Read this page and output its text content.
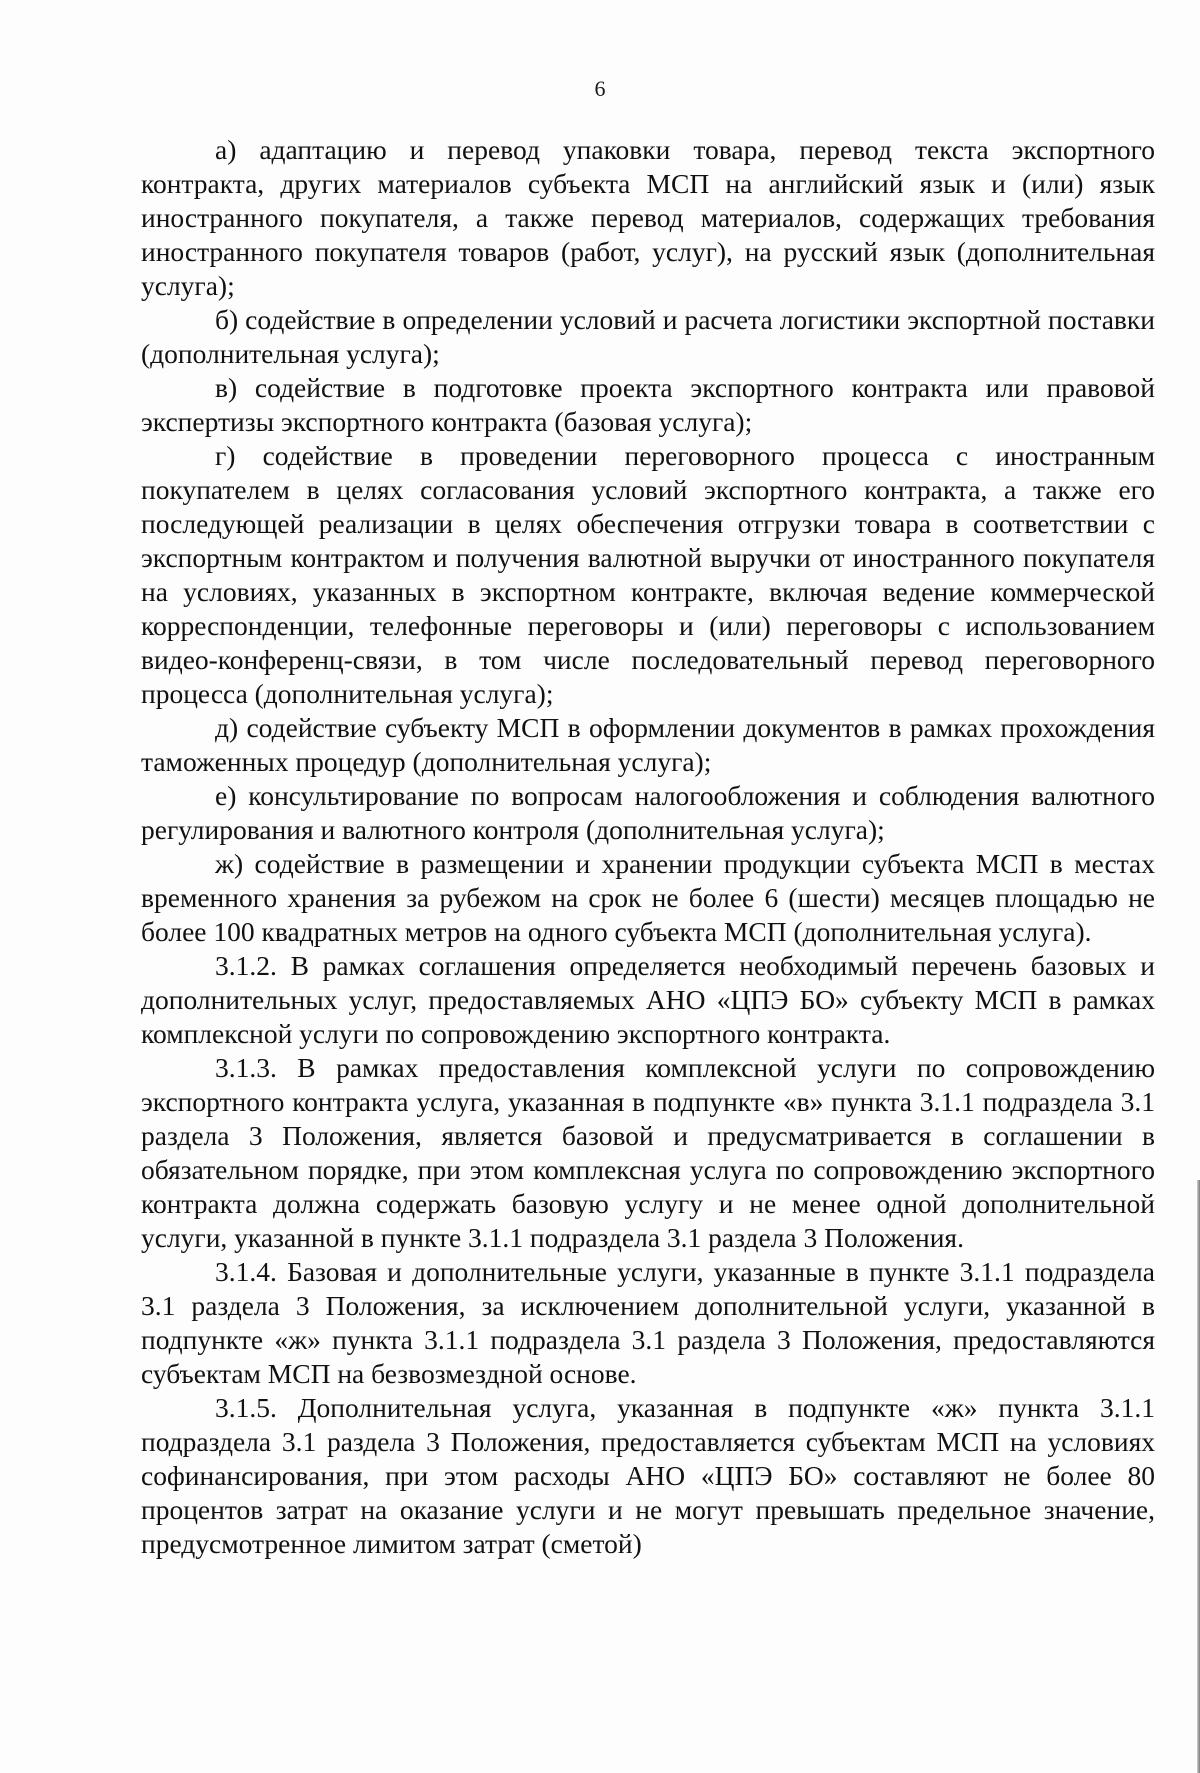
6

а) адаптацию и перевод упаковки товара, перевод текста экспортного контракта, других материалов субъекта МСП на английский язык и (или) язык иностранного покупателя, а также перевод материалов, содержащих требования иностранного покупателя товаров (работ, услуг), на русский язык (дополнительная услуга);

б) содействие в определении условий и расчета логистики экспортной поставки (дополнительная услуга);

в) содействие в подготовке проекта экспортного контракта или правовой экспертизы экспортного контракта (базовая услуга);

г) содействие в проведении переговорного процесса с иностранным покупателем в целях согласования условий экспортного контракта, а также его последующей реализации в целях обеспечения отгрузки товара в соответствии с экспортным контрактом и получения валютной выручки от иностранного покупателя на условиях, указанных в экспортном контракте, включая ведение коммерческой корреспонденции, телефонные переговоры и (или) переговоры с использованием видео-конференц-связи, в том числе последовательный перевод переговорного процесса (дополнительная услуга);

д) содействие субъекту МСП в оформлении документов в рамках прохождения таможенных процедур (дополнительная услуга);

е) консультирование по вопросам налогообложения и соблюдения валютного регулирования и валютного контроля (дополнительная услуга);

ж) содействие в размещении и хранении продукции субъекта МСП в местах временного хранения за рубежом на срок не более 6 (шести) месяцев площадью не более 100 квадратных метров на одного субъекта МСП (дополнительная услуга).

3.1.2. В рамках соглашения определяется необходимый перечень базовых и дополнительных услуг, предоставляемых АНО «ЦПЭ БО» субъекту МСП в рамках комплексной услуги по сопровождению экспортного контракта.

3.1.3. В рамках предоставления комплексной услуги по сопровождению экспортного контракта услуга, указанная в подпункте «в» пункта 3.1.1 подраздела 3.1 раздела 3 Положения, является базовой и предусматривается в соглашении в обязательном порядке, при этом комплексная услуга по сопровождению экспортного контракта должна содержать базовую услугу и не менее одной дополнительной услуги, указанной в пункте 3.1.1 подраздела 3.1 раздела 3 Положения.

3.1.4. Базовая и дополнительные услуги, указанные в пункте 3.1.1 подраздела 3.1 раздела 3 Положения, за исключением дополнительной услуги, указанной в подпункте «ж» пункта 3.1.1 подраздела 3.1 раздела 3 Положения, предоставляются субъектам МСП на безвозмездной основе.

3.1.5. Дополнительная услуга, указанная в подпункте «ж» пункта 3.1.1 подраздела 3.1 раздела 3 Положения, предоставляется субъектам МСП на условиях софинансирования, при этом расходы АНО «ЦПЭ БО» составляют не более 80 процентов затрат на оказание услуги и не могут превышать предельное значение, предусмотренное лимитом затрат (сметой)
